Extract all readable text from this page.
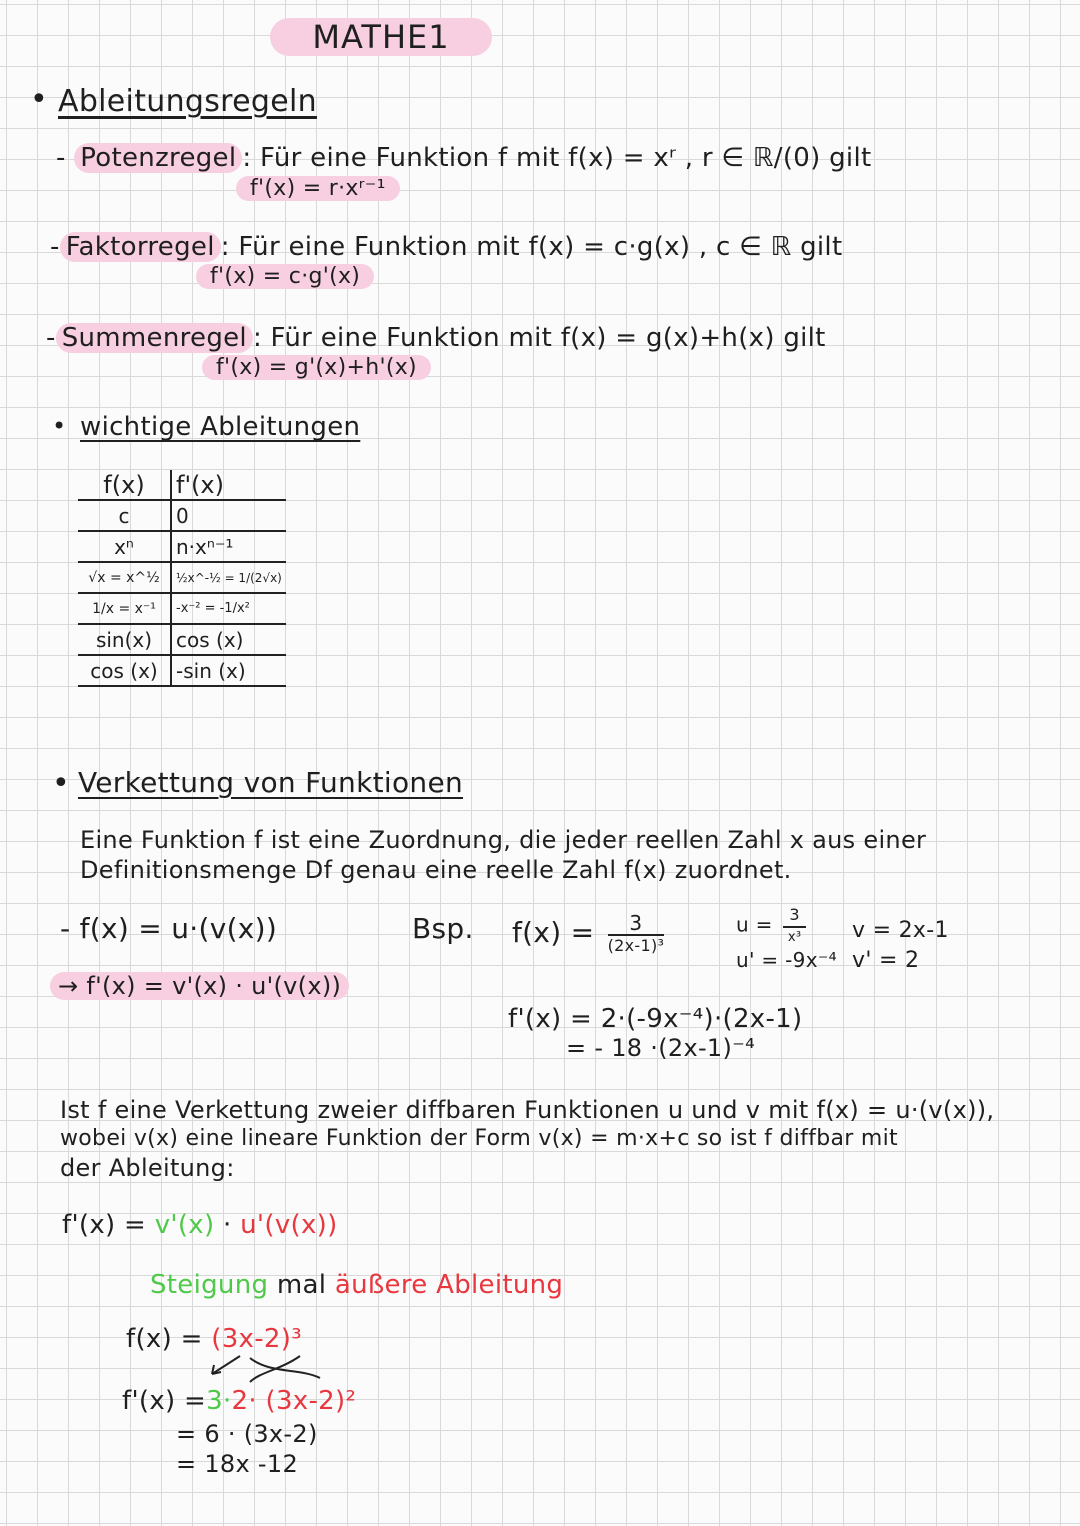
MATHE1
• Ableitungsregeln
- Potenzregel : Für eine Funktion f mit f(x) = xʳ , r ∈ ℝ/(0) gilt
f'(x) = r·xʳ⁻¹
- Faktorregel : Für eine Funktion mit f(x) = c·g(x) , c ∈ ℝ gilt
f'(x) = c·g'(x)
- Summenregel : Für eine Funktion mit f(x) = g(x)+h(x) gilt
f'(x) = g'(x)+h'(x)
• wichtige Ableitungen
f(x)	f'(x)
c	0
xⁿ	n·xⁿ⁻¹
√x = x^½	½x^-½ = 1/(2√x)
1/x = x⁻¹	-x⁻² = -1/x²
sin(x)	cos (x)
cos (x)	-sin (x)
• Verkettung von Funktionen
Eine Funktion f ist eine Zuordnung, die jeder reellen Zahl x aus einer
Definitionsmenge Df genau eine reelle Zahl f(x) zuordnet.
- f(x) = u·(v(x))
→ f'(x) = v'(x) · u'(v(x))
Bsp. $f(x) = \frac{3}{\text{(2x-1)³}}$	$u = \frac{3}{\text{x³}}$
u' = -9x⁻⁴
v = 2x-1
v' = 2
f'(x) = 2·(-9x⁻⁴)·(2x-1)
= - 18 ·(2x-1)⁻⁴
Ist f eine Verkettung zweier diffbaren Funktionen u und v mit f(x) = u·(v(x)),
wobei v(x) eine lineare Funktion der Form v(x) = m·x+c so ist f diffbar mit
der Ableitung:
f'(x) = v'(x) · u'(v(x))
Steigung mal äußere Ableitung
f(x) = (3x-2)³
f'(x) =3·2· (3x-2)²
= 6 · (3x-2)
= 18x -12
